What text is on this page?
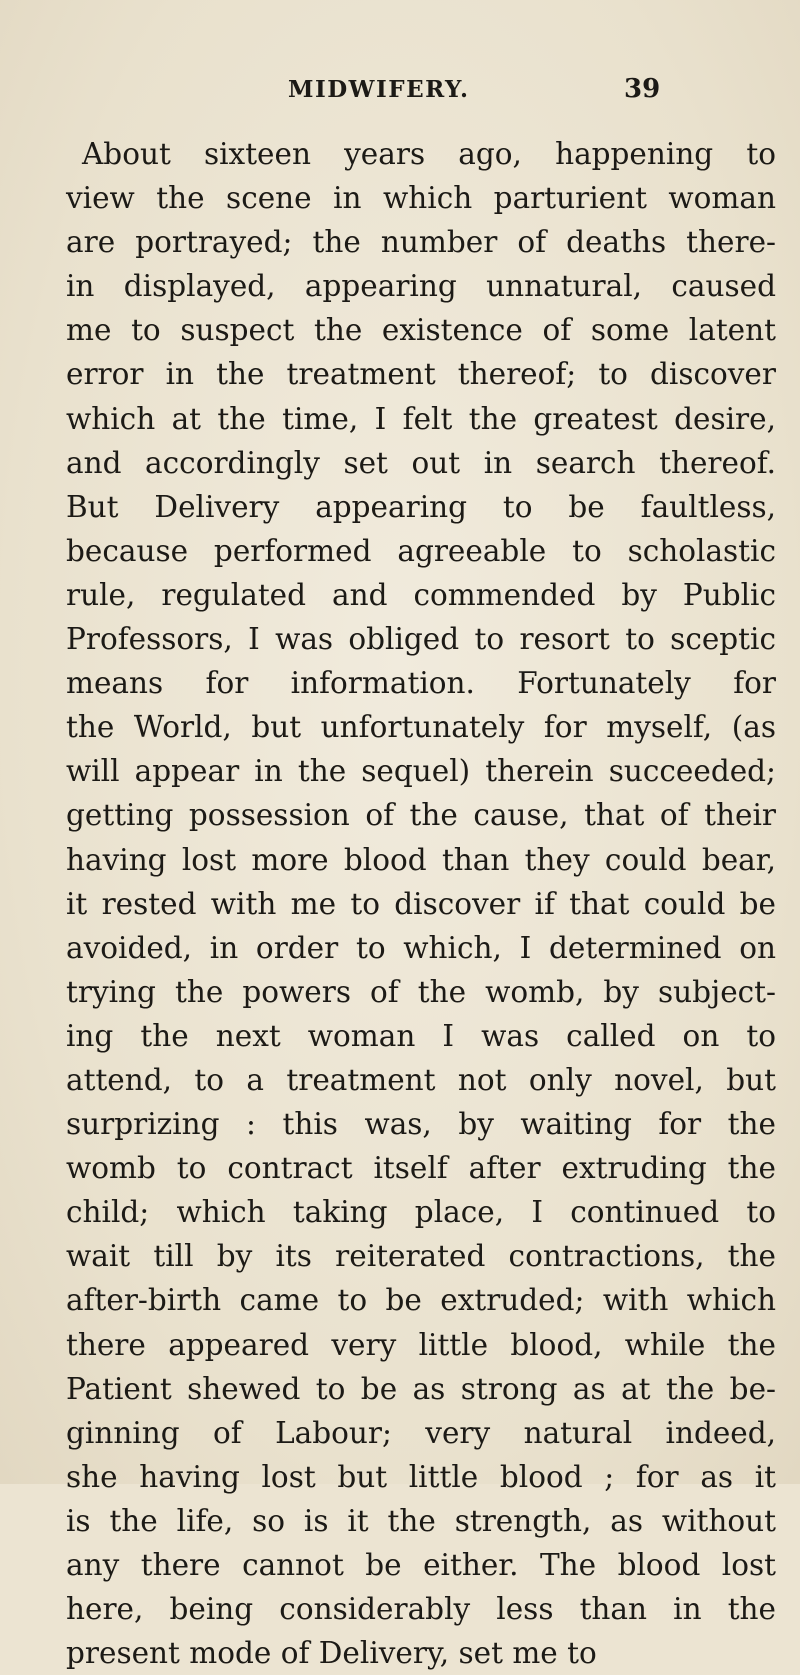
MIDWIFERY.	39
About sixteen years ago, happening to
view the scene in which parturient woman
are portrayed; the number of deaths there-
in displayed, appearing unnatural, caused
me to suspect the existence of some latent
error in the treatment thereof; to discover
which at the time, I felt the greatest desire,
and accordingly set out in search thereof.
But Delivery appearing to be faultless,
because performed agreeable to scholastic
rule, regulated and commended by Public
Professors, I was obliged to resort to sceptic
means for information. Fortunately for
the World, but unfortunately for myself, (as
will appear in the sequel) therein succeeded;
getting possession of the cause, that of their
having lost more blood than they could bear,
it rested with me to discover if that could be
avoided, in order to which, I determined on
trying the powers of the womb, by subject-
ing the next woman I was called on to
attend, to a treatment not only novel, but
surprizing : this was, by waiting for the
womb to contract itself after extruding the
child; which taking place, I continued to
wait till by its reiterated contractions, the
after-birth came to be extruded; with which
there appeared very little blood, while the
Patient shewed to be as strong as at the be-
ginning of Labour; very natural indeed,
she having lost but little blood ; for as it
is the life, so is it the strength, as without
any there cannot be either. The blood lost
here, being considerably less than in the
present mode of Delivery, set me to
